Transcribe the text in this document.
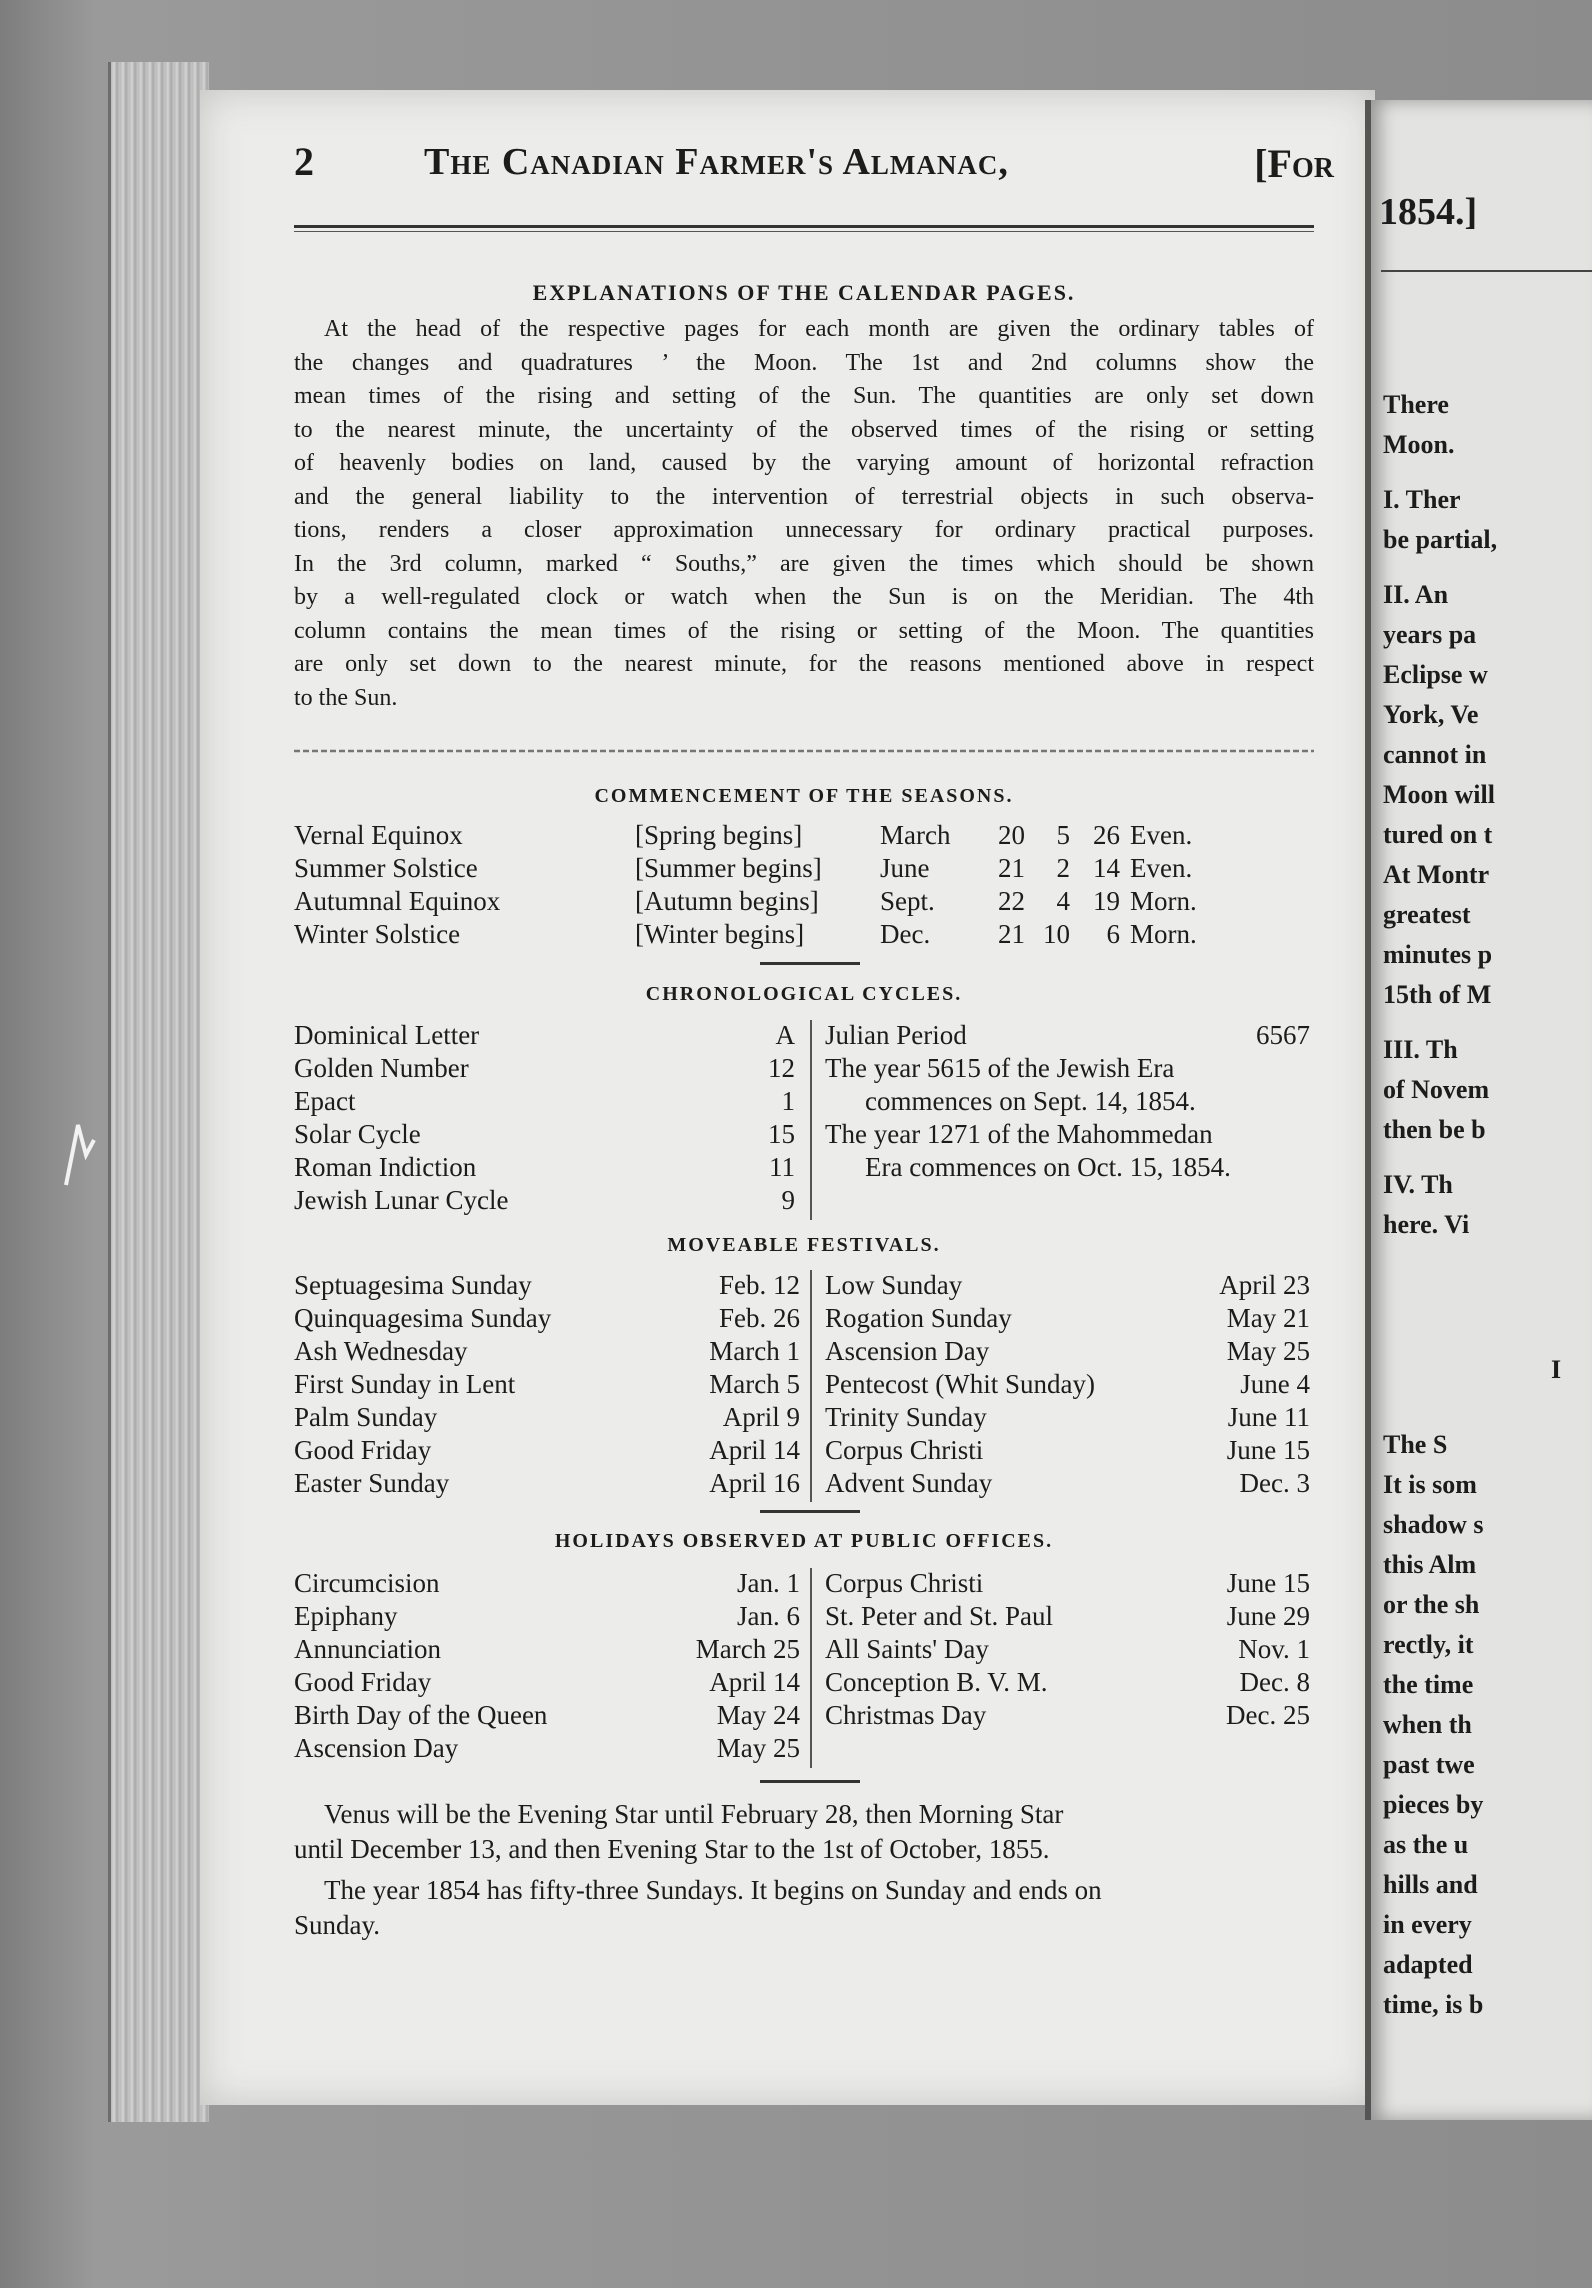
2	The Canadian Farmer's Almanac,	[For
EXPLANATIONS OF THE CALENDAR PAGES.
At the head of the respective pages for each month are given the ordinary tables of
the changes and quadratures ’ the Moon. The 1st and 2nd columns show the
mean times of the rising and setting of the Sun. The quantities are only set down
to the nearest minute, the uncertainty of the observed times of the rising or setting
of heavenly bodies on land, caused by the varying amount of horizontal refraction
and the general liability to the intervention of terrestrial objects in such observa-
tions, renders a closer approximation unnecessary for ordinary practical purposes.
In the 3rd column, marked “ Souths,” are given the times which should be shown
by a well-regulated clock or watch when the Sun is on the Meridian. The 4th
column contains the mean times of the rising or setting of the Moon. The quantities
are only set down to the nearest minute, for the reasons mentioned above in respect
to the Sun.
COMMENCEMENT OF THE SEASONS.
CHRONOLOGICAL CYCLES.
MOVEABLE FESTIVALS.
HOLIDAYS OBSERVED AT PUBLIC OFFICES.
Venus will be the Evening Star until February 28, then Morning Star
until December 13, and then Evening Star to the 1st of October, 1855.
The year 1854 has fifty-three Sundays. It begins on Sunday and ends on
Sunday.
Vernal Equinox	[Spring begins]	March	20	5 26 Even.
Summer Solstice	[Summer begins] June	21	2 14 Even.
Autumnal Equinox	[Autumn begins] Sept.	22	4 19 Morn.
Winter Solstice	[Winter begins]	Dec.	21 10	6 Morn.
Dominical Letter	A
Golden Number	12
Epact	1
Solar Cycle	15
Roman Indiction	11
Jewish Lunar Cycle	9
Julian Period	6567
The year 5615 of the Jewish Era
commences on Sept. 14, 1854.
The year 1271 of the Mahommedan
Era commences on Oct. 15, 1854.
Septuagesima Sunday	Feb. 12
Quinquagesima Sunday	Feb. 26
Ash Wednesday	March 1
First Sunday in Lent	March 5
Palm Sunday	April 9
Good Friday	April 14
Easter Sunday	April 16
Low Sunday	April 23
Rogation Sunday	May 21
Ascension Day	May 25
Pentecost (Whit Sunday)	June 4
Trinity Sunday	June 11
Corpus Christi	June 15
Advent Sunday	Dec. 3
Circumcision	Jan. 1
Epiphany	Jan. 6
Annunciation	March 25
Good Friday	April 14
Birth Day of the Queen	May 24
Ascension Day	May 25
Corpus Christi	June 15
St. Peter and St. Paul	June 29
All Saints' Day	Nov. 1
Conception B. V. M.	Dec. 8
Christmas Day	Dec. 25
1854.]
There
Moon.
I. Ther
be partial,
II. An
years pa
Eclipse w
York, Ve
cannot in
Moon will
tured on t
At Montr
greatest
minutes p
15th of M
III. Th
of Novem
then be b
IV. Th
here. Vi
I
The S
It is som
shadow s
this Alm
or the sh
rectly, it
the time
when th
past twe
pieces by
as the u
hills and
in every
adapted
time, is b
